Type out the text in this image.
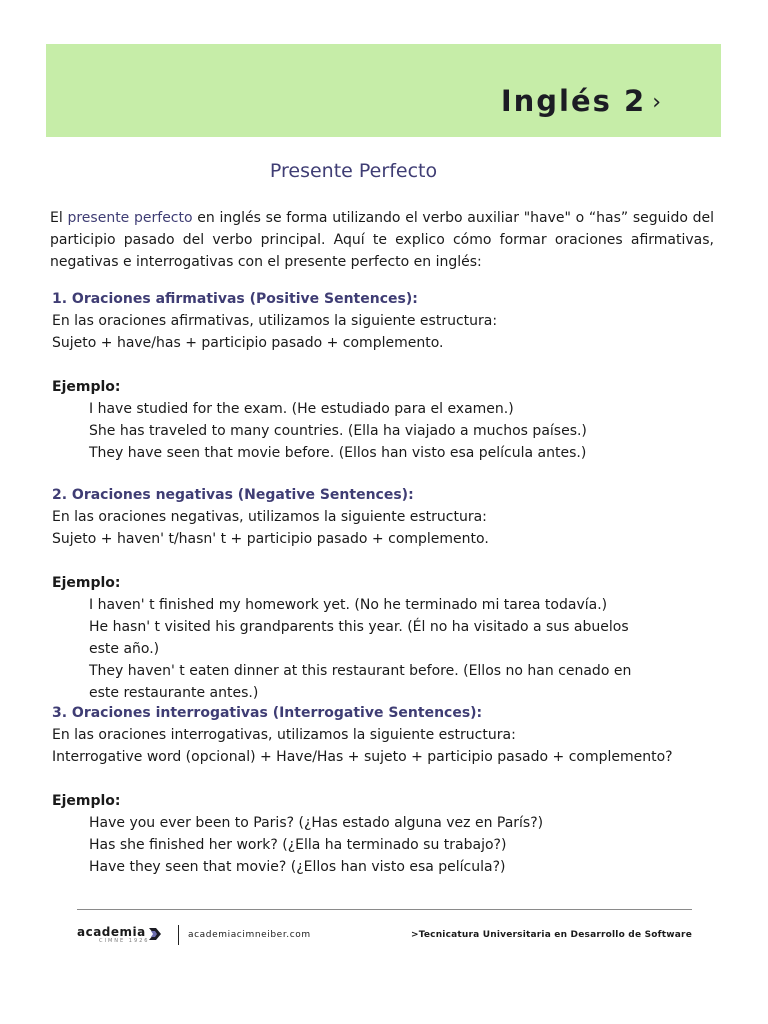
Inglés 2 ›
Presente Perfecto

El presente perfecto en inglés se forma utilizando el verbo auxiliar "have" o “has” seguido del participio pasado del verbo principal. Aquí te explico cómo formar oraciones afirmativas, negativas e interrogativas con el presente perfecto en inglés:

1. Oraciones afirmativas (Positive Sentences):

En las oraciones afirmativas, utilizamos la siguiente estructura:

Sujeto + have/has + participio pasado + complemento.

Ejemplo:

I have studied for the exam. (He estudiado para el examen.)
She has traveled to many countries. (Ella ha viajado a muchos países.)
They have seen that movie before. (Ellos han visto esa película antes.)

2. Oraciones negativas (Negative Sentences):

En las oraciones negativas, utilizamos la siguiente estructura:

Sujeto + haven' t/hasn' t + participio pasado + complemento.

Ejemplo:

I haven' t finished my homework yet. (No he terminado mi tarea todavía.)
He hasn' t visited his grandparents this year. (Él no ha visitado a sus abuelos este año.)
They haven' t eaten dinner at this restaurant before. (Ellos no han cenado en este restaurante antes.)

3. Oraciones interrogativas (Interrogative Sentences):

En las oraciones interrogativas, utilizamos la siguiente estructura:

Interrogative word (opcional) + Have/Has + sujeto + participio pasado + complemento?

Ejemplo:

Have you ever been to Paris? (¿Has estado alguna vez en París?)
Has she finished her work? (¿Ella ha terminado su trabajo?)
Have they seen that movie? (¿Ellos han visto esa película?)
academia
CIMNE 1926
academiacimneiber.com	>Tecnicatura Universitaria en Desarrollo de Software
